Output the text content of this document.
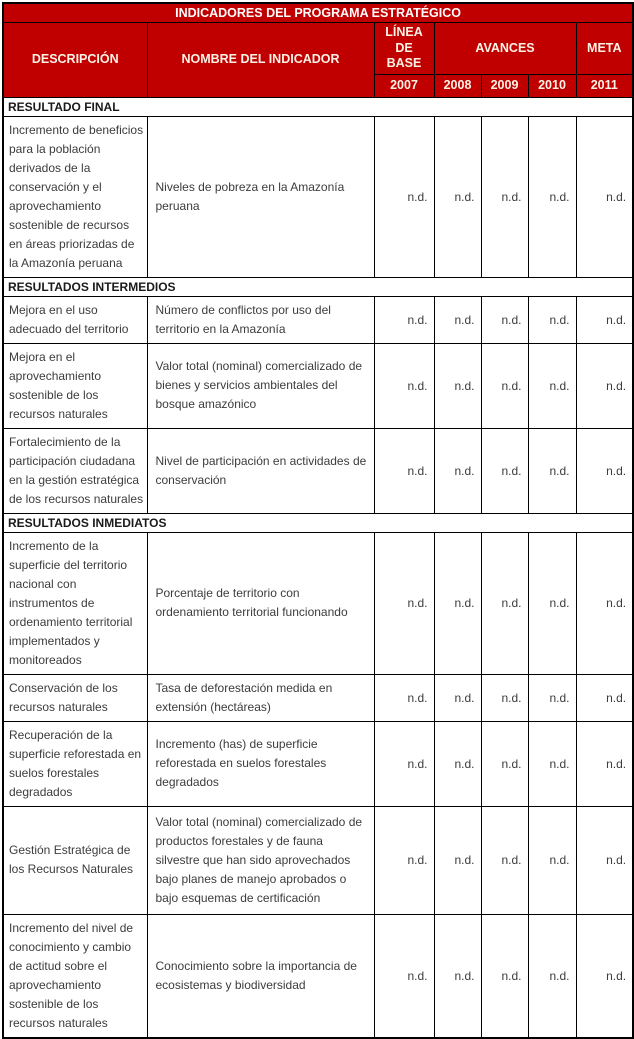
INDICADORES DEL PROGRAMA ESTRATÉGICO						
DESCRIPCIÓN	NOMBRE DEL INDICADOR	LÍNEA DE BASE	AVANCES			META
		2007	2008	2009	2010	2011
RESULTADO FINAL						
Incremento de beneficios para la población derivados de la conservación y el aprovechamiento sostenible de recursos en áreas priorizadas de la Amazonía peruana	Niveles de pobreza en la Amazonía peruana	n.d.	n.d.	n.d.	n.d.	n.d.
RESULTADOS INTERMEDIOS						
Mejora en el uso adecuado del territorio	Número de conflictos por uso del territorio en la Amazonía	n.d.	n.d.	n.d.	n.d.	n.d.
Mejora en el aprovechamiento sostenible de los recursos naturales	Valor total (nominal) comercializado de bienes y servicios ambientales del bosque amazónico	n.d.	n.d.	n.d.	n.d.	n.d.
Fortalecimiento de la participación ciudadana en la gestión estratégica de los recursos naturales	Nivel de participación en actividades de conservación	n.d.	n.d.	n.d.	n.d.	n.d.
RESULTADOS INMEDIATOS						
Incremento de la superficie del territorio nacional con instrumentos de ordenamiento territorial implementados y monitoreados	Porcentaje de territorio con ordenamiento territorial funcionando	n.d.	n.d.	n.d.	n.d.	n.d.
Conservación de los recursos naturales	Tasa de deforestación medida en extensión (hectáreas)	n.d.	n.d.	n.d.	n.d.	n.d.
Recuperación de la superficie reforestada en suelos forestales degradados	Incremento (has) de superficie reforestada en suelos forestales degradados	n.d.	n.d.	n.d.	n.d.	n.d.
Gestión Estratégica de los Recursos Naturales	Valor total (nominal) comercializado de productos forestales y de fauna silvestre que han sido aprovechados bajo planes de manejo aprobados o bajo esquemas de certificación	n.d.	n.d.	n.d.	n.d.	n.d.
Incremento del nivel de conocimiento y cambio de actitud sobre el aprovechamiento sostenible de los recursos naturales	Conocimiento sobre la importancia de ecosistemas y biodiversidad	n.d.	n.d.	n.d.	n.d.	n.d.
